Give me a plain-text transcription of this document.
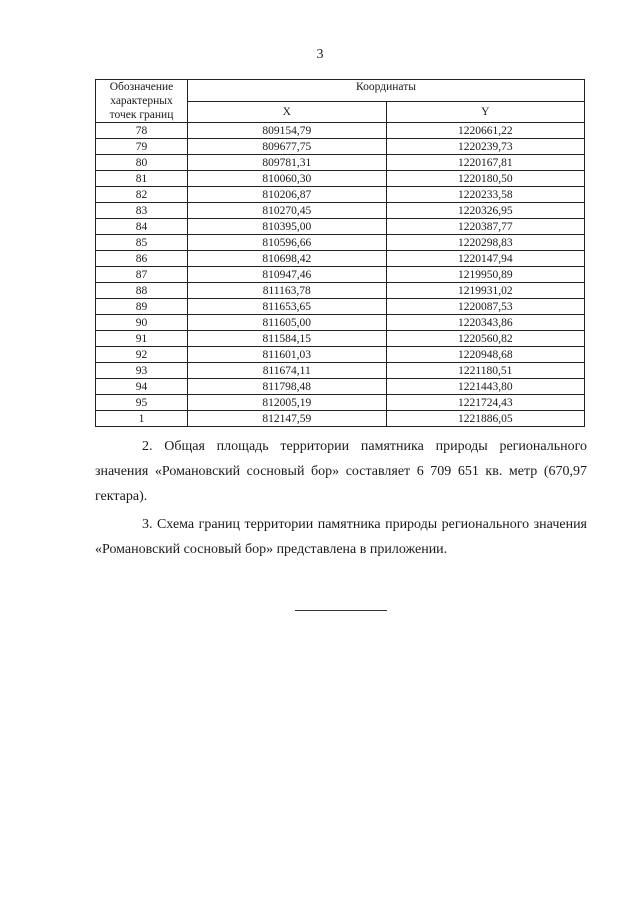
3
Обозначение характерных точек границ	Координаты	
	X	Y
78	809154,79	1220661,22
79	809677,75	1220239,73
80	809781,31	1220167,81
81	810060,30	1220180,50
82	810206,87	1220233,58
83	810270,45	1220326,95
84	810395,00	1220387,77
85	810596,66	1220298,83
86	810698,42	1220147,94
87	810947,46	1219950,89
88	811163,78	1219931,02
89	811653,65	1220087,53
90	811605,00	1220343,86
91	811584,15	1220560,82
92	811601,03	1220948,68
93	811674,11	1221180,51
94	811798,48	1221443,80
95	812005,19	1221724,43
1	812147,59	1221886,05

2. Общая площадь территории памятника природы регионального значения «Романовский сосновый бор» составляет 6 709 651 кв. метр (670,97 гектара).

3. Схема границ территории памятника природы регионального значения «Романовский сосновый бор» представлена в приложении.
